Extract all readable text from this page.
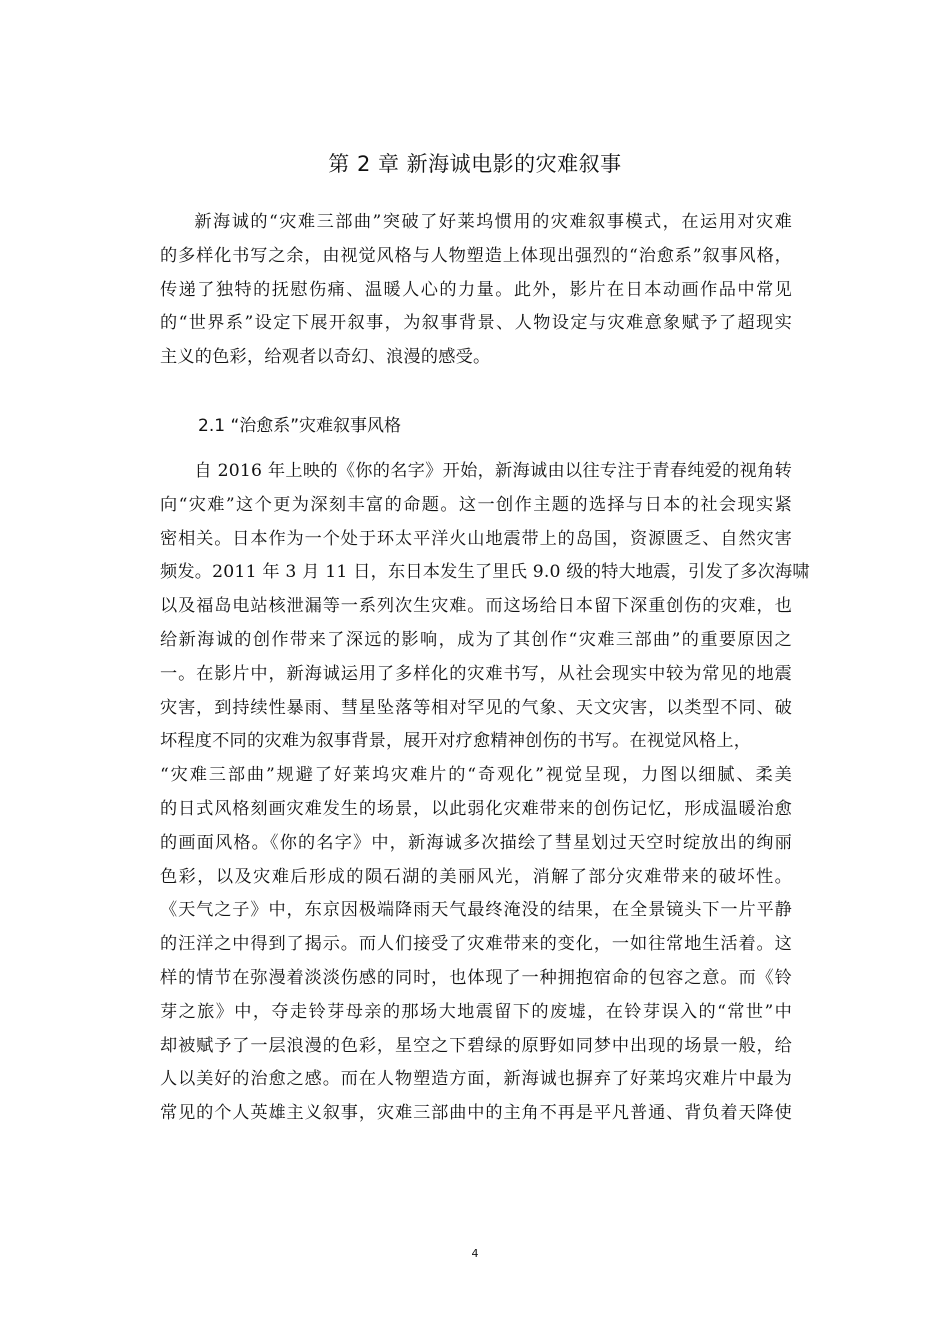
第 2 章 新海诚电影的灾难叙事

新海诚的“灾难三部曲”突破了好莱坞惯用的灾难叙事模式，在运用对灾难
的多样化书写之余，由视觉风格与人物塑造上体现出强烈的“治愈系”叙事风格，
传递了独特的抚慰伤痛、温暖人心的力量。此外，影片在日本动画作品中常见
的“世界系”设定下展开叙事，为叙事背景、人物设定与灾难意象赋予了超现实
主义的色彩，给观者以奇幻、浪漫的感受。

2.1 “治愈系”灾难叙事风格

自 2016 年上映的《你的名字》开始，新海诚由以往专注于青春纯爱的视角转
向“灾难”这个更为深刻丰富的命题。这一创作主题的选择与日本的社会现实紧
密相关。日本作为一个处于环太平洋火山地震带上的岛国，资源匮乏、自然灾害
频发。2011 年 3 月 11 日，东日本发生了里氏 9.0 级的特大地震，引发了多次海啸
以及福岛电站核泄漏等一系列次生灾难。而这场给日本留下深重创伤的灾难，也
给新海诚的创作带来了深远的影响，成为了其创作“灾难三部曲”的重要原因之
一。在影片中，新海诚运用了多样化的灾难书写，从社会现实中较为常见的地震
灾害，到持续性暴雨、彗星坠落等相对罕见的气象、天文灾害，以类型不同、破
坏程度不同的灾难为叙事背景，展开对疗愈精神创伤的书写。在视觉风格上，
“灾难三部曲”规避了好莱坞灾难片的“奇观化”视觉呈现，力图以细腻、柔美
的日式风格刻画灾难发生的场景，以此弱化灾难带来的创伤记忆，形成温暖治愈
的画面风格。《你的名字》中，新海诚多次描绘了彗星划过天空时绽放出的绚丽
色彩，以及灾难后形成的陨石湖的美丽风光，消解了部分灾难带来的破坏性。
《天气之子》中，东京因极端降雨天气最终淹没的结果，在全景镜头下一片平静
的汪洋之中得到了揭示。而人们接受了灾难带来的变化，一如往常地生活着。这
样的情节在弥漫着淡淡伤感的同时，也体现了一种拥抱宿命的包容之意。而《铃
芽之旅》中，夺走铃芽母亲的那场大地震留下的废墟，在铃芽误入的“常世”中
却被赋予了一层浪漫的色彩，星空之下碧绿的原野如同梦中出现的场景一般，给
人以美好的治愈之感。而在人物塑造方面，新海诚也摒弃了好莱坞灾难片中最为
常见的个人英雄主义叙事，灾难三部曲中的主角不再是平凡普通、背负着天降使

4
